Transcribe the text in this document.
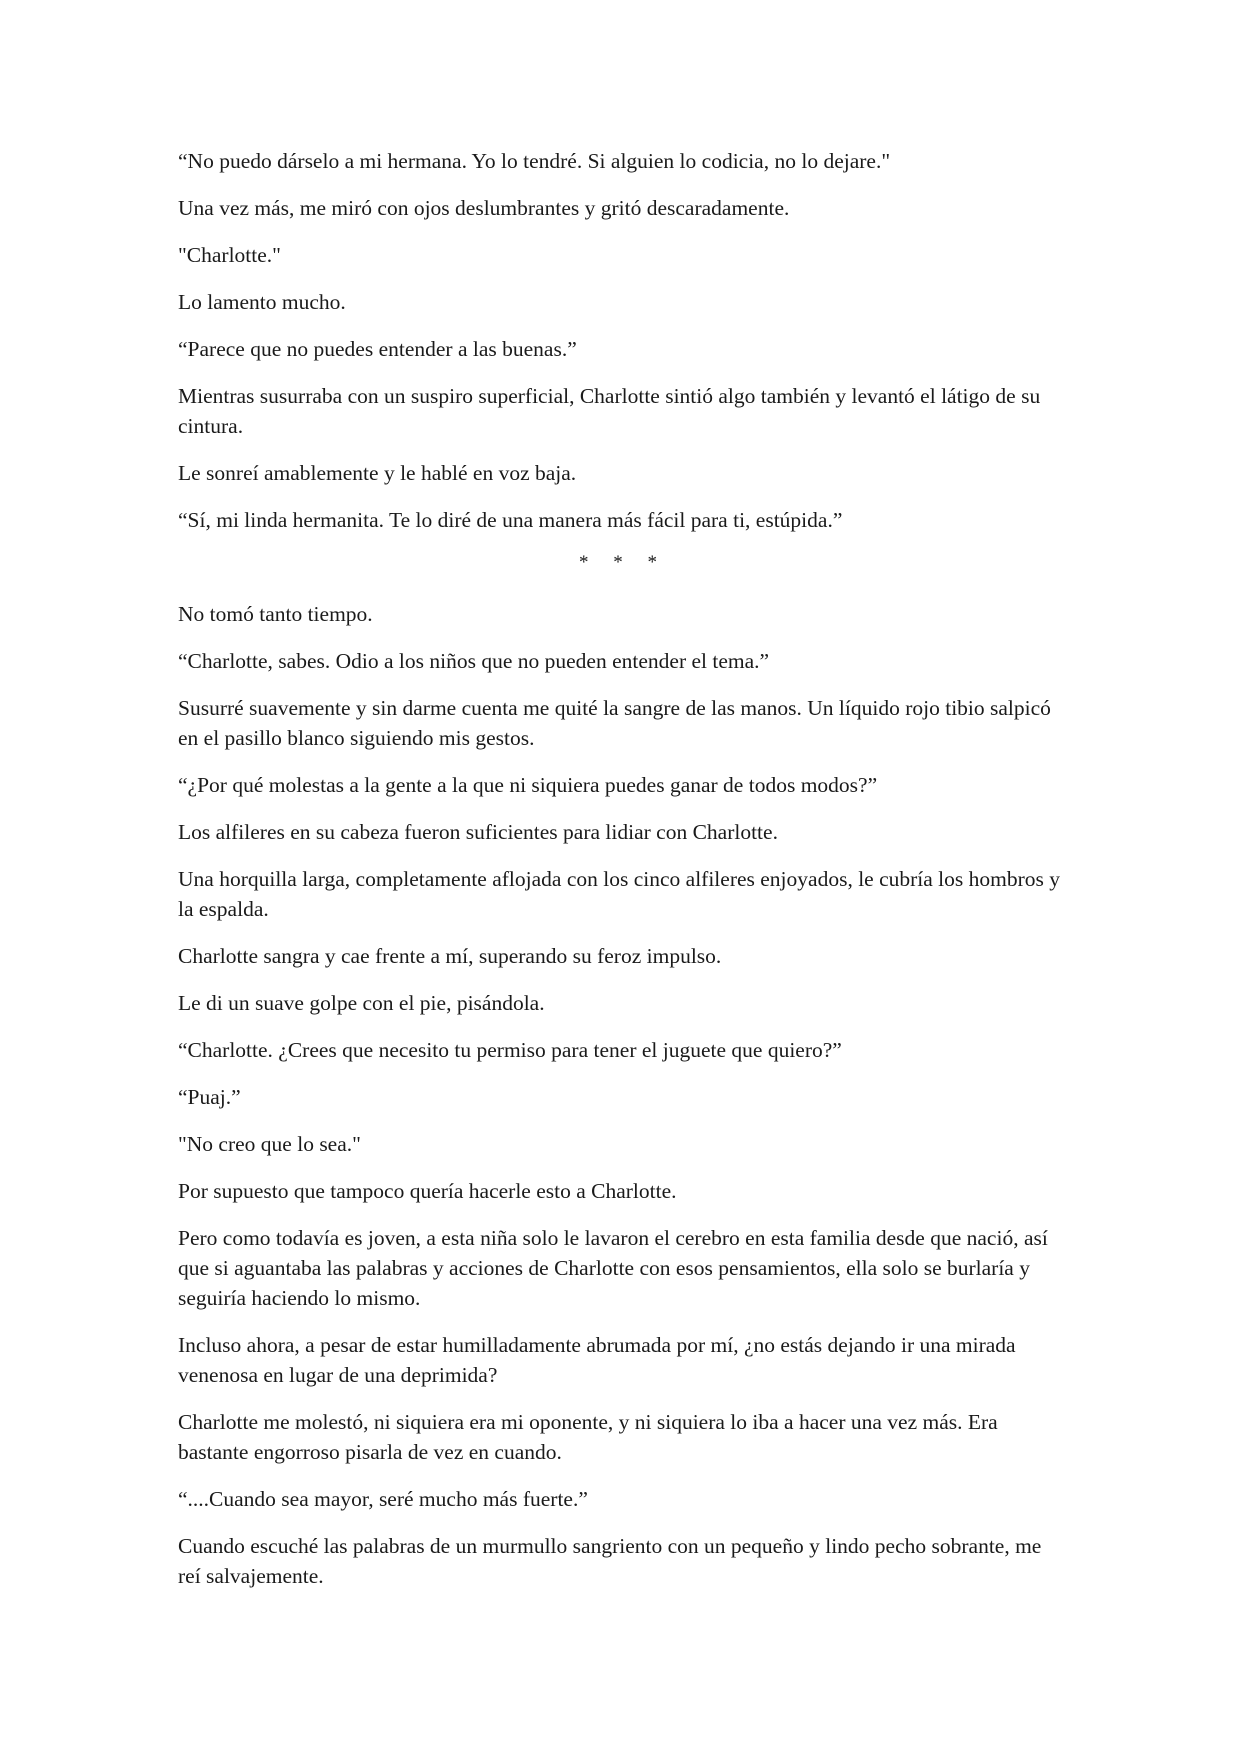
“No puedo dárselo a mi hermana. Yo lo tendré. Si alguien lo codicia, no lo dejare."

Una vez más, me miró con ojos deslumbrantes y gritó descaradamente.

"Charlotte."

Lo lamento mucho.

“Parece que no puedes entender a las buenas.”

Mientras susurraba con un suspiro superficial, Charlotte sintió algo también y levantó el látigo de su cintura.

Le sonreí amablemente y le hablé en voz baja.

“Sí, mi linda hermanita. Te lo diré de una manera más fácil para ti, estúpida.”

* * *

No tomó tanto tiempo.

“Charlotte, sabes. Odio a los niños que no pueden entender el tema.”

Susurré suavemente y sin darme cuenta me quité la sangre de las manos. Un líquido rojo tibio salpicó en el pasillo blanco siguiendo mis gestos.

“¿Por qué molestas a la gente a la que ni siquiera puedes ganar de todos modos?”

Los alfileres en su cabeza fueron suficientes para lidiar con Charlotte.

Una horquilla larga, completamente aflojada con los cinco alfileres enjoyados, le cubría los hombros y la espalda.

Charlotte sangra y cae frente a mí, superando su feroz impulso.

Le di un suave golpe con el pie, pisándola.

“Charlotte. ¿Crees que necesito tu permiso para tener el juguete que quiero?”

“Puaj.”

"No creo que lo sea."

Por supuesto que tampoco quería hacerle esto a Charlotte.

Pero como todavía es joven, a esta niña solo le lavaron el cerebro en esta familia desde que nació, así que si aguantaba las palabras y acciones de Charlotte con esos pensamientos, ella solo se burlaría y seguiría haciendo lo mismo.

Incluso ahora, a pesar de estar humilladamente abrumada por mí, ¿no estás dejando ir una mirada venenosa en lugar de una deprimida?

Charlotte me molestó, ni siquiera era mi oponente, y ni siquiera lo iba a hacer una vez más. Era bastante engorroso pisarla de vez en cuando.

“....Cuando sea mayor, seré mucho más fuerte.”

Cuando escuché las palabras de un murmullo sangriento con un pequeño y lindo pecho sobrante, me reí salvajemente.
